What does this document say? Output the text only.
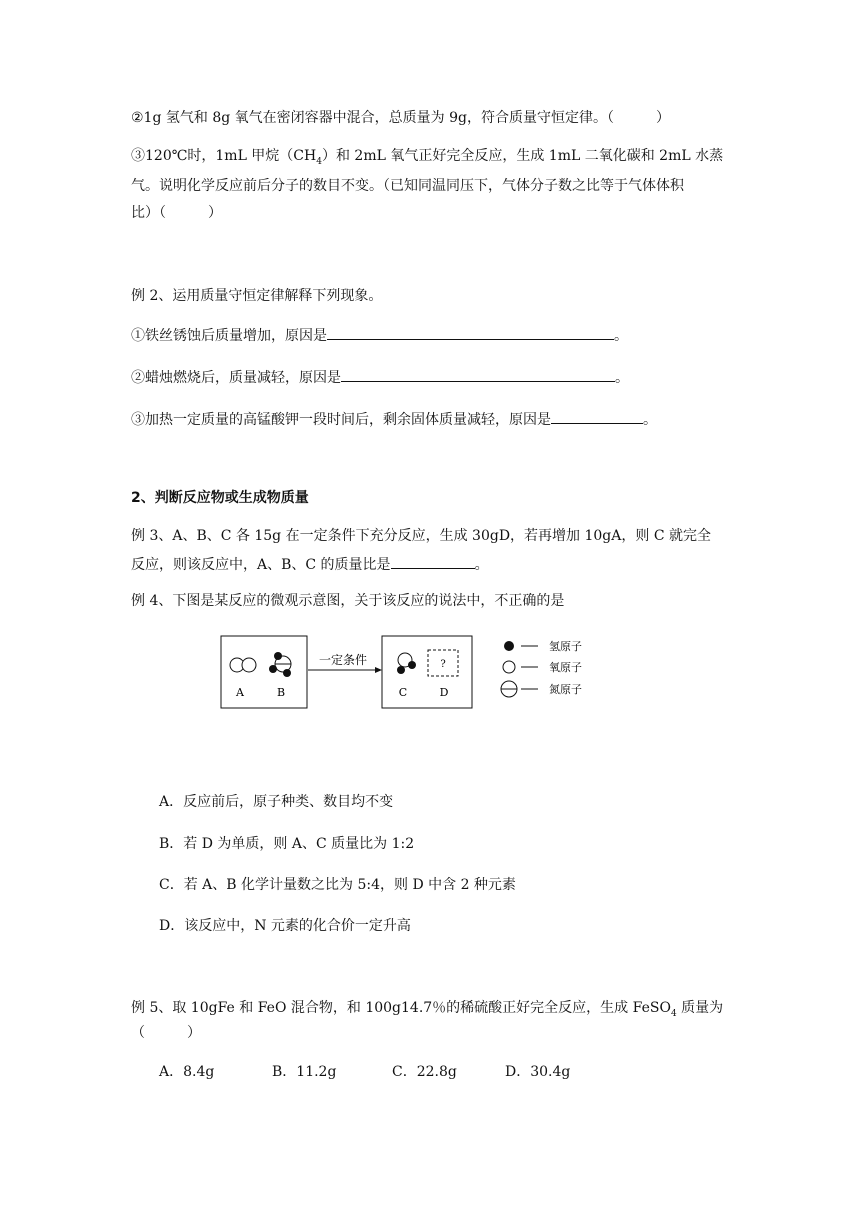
②1g 氢气和 8g 氧气在密闭容器中混合，总质量为 9g，符合质量守恒定律。（　　　）
③120℃时，1mL 甲烷$(CH_4)$和 2mL 氧气正好完全反应，生成 1mL 二氧化碳和 2mL 水蒸
气。说明化学反应前后分子的数目不变。（已知同温同压下，气体分子数之比等于气体体积
比）（　　　）
例 2、运用质量守恒定律解释下列现象。
①铁丝锈蚀后质量增加，原因是	。
②蜡烛燃烧后，质量减轻，原因是	。
③加热一定质量的高锰酸钾一段时间后，剩余固体质量减轻，原因是	。
2、判断反应物或生成物质量
例 3、A、B、C 各 15g 在一定条件下充分反应，生成 30gD，若再增加 10gA，则 C 就完全
反应，则该反应中，A、B、C 的质量比是	。
例 4、下图是某反应的微观示意图，关于该反应的说法中，不正确的是
A	B
一定条件	?
C	D
氢原子
氧原子
氮原子
A．反应前后，原子种类、数目均不变
B．若 D 为单质，则 A、C 质量比为 1:2
C．若 A、B 化学计量数之比为 5:4，则 D 中含 2 种元素
D．该反应中，N 元素的化合价一定升高
例 5、取 10gFe 和 FeO 混合物，和 100g14.7％的稀硫酸正好完全反应，生成 FeSO$_4$ 质量为
（　　　）
A．8.4g	B．11.2g	C．22.8g	D．30.4g
